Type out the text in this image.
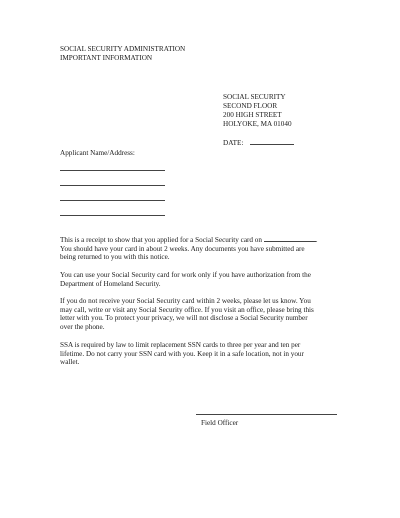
SOCIAL SECURITY ADMINISTRATION
IMPORTANT INFORMATION
SOCIAL SECURITY
SECOND FLOOR
200 HIGH STREET
HOLYOKE, MA 01040
DATE:
Applicant Name/Address:

This is a receipt to show that you applied for a Social Security card on	.

You should have your card in about 2 weeks. Any documents you have submitted are

being returned to you with this notice.

You can use your Social Security card for work only if you have authorization from the

Department of Homeland Security.

If you do not receive your Social Security card within 2 weeks, please let us know. You

may call, write or visit any Social Security office. If you visit an office, please bring this

letter with you. To protect your privacy, we will not disclose a Social Security number

over the phone.

SSA is required by law to limit replacement SSN cards to three per year and ten per

lifetime. Do not carry your SSN card with you. Keep it in a safe location, not in your

wallet.

Field Officer
